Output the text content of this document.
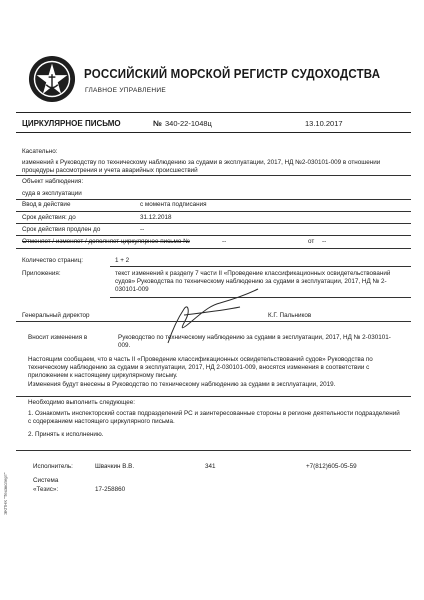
РОССИЙСКИЙ МОРСКОЙ РЕГИСТР СУДОХОДСТВА
ГЛАВНОЕ УПРАВЛЕНИЕ
ЦИРКУЛЯРНОЕ ПИСЬМО	№ 340-22-1048ц	13.10.2017
Касательно:
изменений к Руководству по техническому наблюдению за судами в эксплуатации, 2017, НД №2-030101-009 в отношении процедуры рассмотрения и учета аварийных происшествий
Объект наблюдения:
суда в эксплуатации
Ввод в действие	с момента подписания
Срок действия: до	31.12.2018
Срок действия продлен до	--
Отменяет / изменяет / дополняет циркулярное письмо №	--	от --
Количество страниц:	1 + 2
Приложения:	текст изменений к разделу 7 части II «Проведение классификационных освидетельствований судов» Руководства по техническому наблюдению за судами в эксплуатации, 2017, НД № 2-030101-009
Генеральный директор	К.Г. Пальников
Вносит изменения в	Руководство по техническому наблюдению за судами в эксплуатации, 2017, НД № 2-030101-009.
Настоящим сообщаем, что в часть II «Проведение классификационных освидетельствований судов» Руководства по техническому наблюдению за судами в эксплуатации, 2017, НД 2-030101-009, вносятся изменения в соответствии с приложением к настоящему циркулярному письму.
Изменения будут внесены в Руководство по техническому наблюдению за судами в эксплуатации, 2019.
Необходимо выполнить следующее:
1. Ознакомить инспекторский состав подразделений РС и заинтересованные стороны в регионе деятельности подразделений с содержанием настоящего циркулярного письма.
2. Принять к исполнению.
Исполнитель:	Швачкин В.В.	341	+7(812)605-05-59
Система
«Тезис»:	17-258860
ЭКПНК "Техэксперт"
